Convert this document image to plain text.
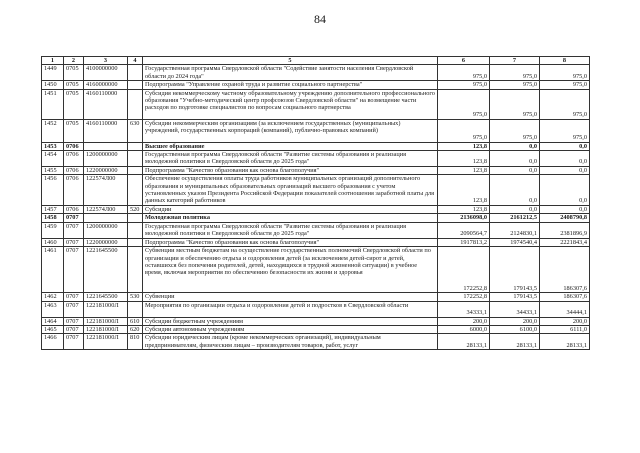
84
1	2	3	4	5	6	7	8
1449	0705	4100000000		Государственная программа Свердловской области "Содействие занятости населения Свердловской области до 2024 года"	975,0	975,0	975,0
1450	0705	4160000000		Подпрограмма "Управление охраной труда и развитие социального партнерства"	975,0	975,0	975,0
1451	0705	4160110000		Субсидия некоммерческому частному образовательному учреждению дополнительного профессионального образования "Учебно-методический центр профсоюзов Свердловской области" на возмещение части расходов по подготовке специалистов по вопросам социального партнерства	975,0	975,0	975,0
1452	0705	4160110000	630	Субсидии некоммерческим организациям (за исключением государственных (муниципальных) учреждений, государственных корпораций (компаний), публично-правовых компаний)	975,0	975,0	975,0
1453	0706			Высшее образование	123,8	0,0	0,0
1454	0706	1200000000		Государственная программа Свердловской области "Развитие системы образования и реализация молодежной политики в Свердловской области до 2025 года"	123,8	0,0	0,0
1455	0706	1220000000		Подпрограмма "Качество образования как основа благополучия"	123,8	0,0	0,0
1456	0706	122574Л00		Обеспечение осуществления оплаты труда работников муниципальных организаций дополнительного образования и муниципальных образовательных организаций высшего образования с учетом установленных указом Президента Российской Федерации показателей соотношения заработной платы для данных категорий работников	123,8	0,0	0,0
1457	0706	122574Л00	520	Субсидии	123,8	0,0	0,0
1458	0707			Молодежная политика	2136098,0	2161212,5	2408790,8
1459	0707	1200000000		Государственная программа Свердловской области "Развитие системы образования и реализация молодежной политики в Свердловской области до 2025 года"	2090564,7	2124830,1	2381896,9
1460	0707	1220000000		Подпрограмма "Качество образования как основа благополучия"	1917813,2	1974540,4	2221843,4
1461	0707	1221645500		Субвенции местным бюджетам на осуществление государственных полномочий Свердловской области по организации и обеспечению отдыха и оздоровления детей (за исключением детей-сирот и детей, оставшихся без попечения родителей, детей, находящихся в трудной жизненной ситуации) в учебное время, включая мероприятия по обеспечению безопасности их жизни и здоровья	172252,8	179143,5	186307,6
1462	0707	1221645500	530	Субвенции	172252,8	179143,5	186307,6
1463	0707	122181000Л		Мероприятия по организации отдыха и оздоровления детей и подростков в Свердловской области	34333,1	34433,1	34444,1
1464	0707	122181000Л	610	Субсидии бюджетным учреждениям	200,0	200,0	200,0
1465	0707	122181000Л	620	Субсидии автономным учреждениям	6000,0	6100,0	6111,0
1466	0707	122181000Л	810	Субсидии юридическим лицам (кроме некоммерческих организаций), индивидуальным предпринимателям, физическим лицам – производителям товаров, работ, услуг	28133,1	28133,1	28133,1
